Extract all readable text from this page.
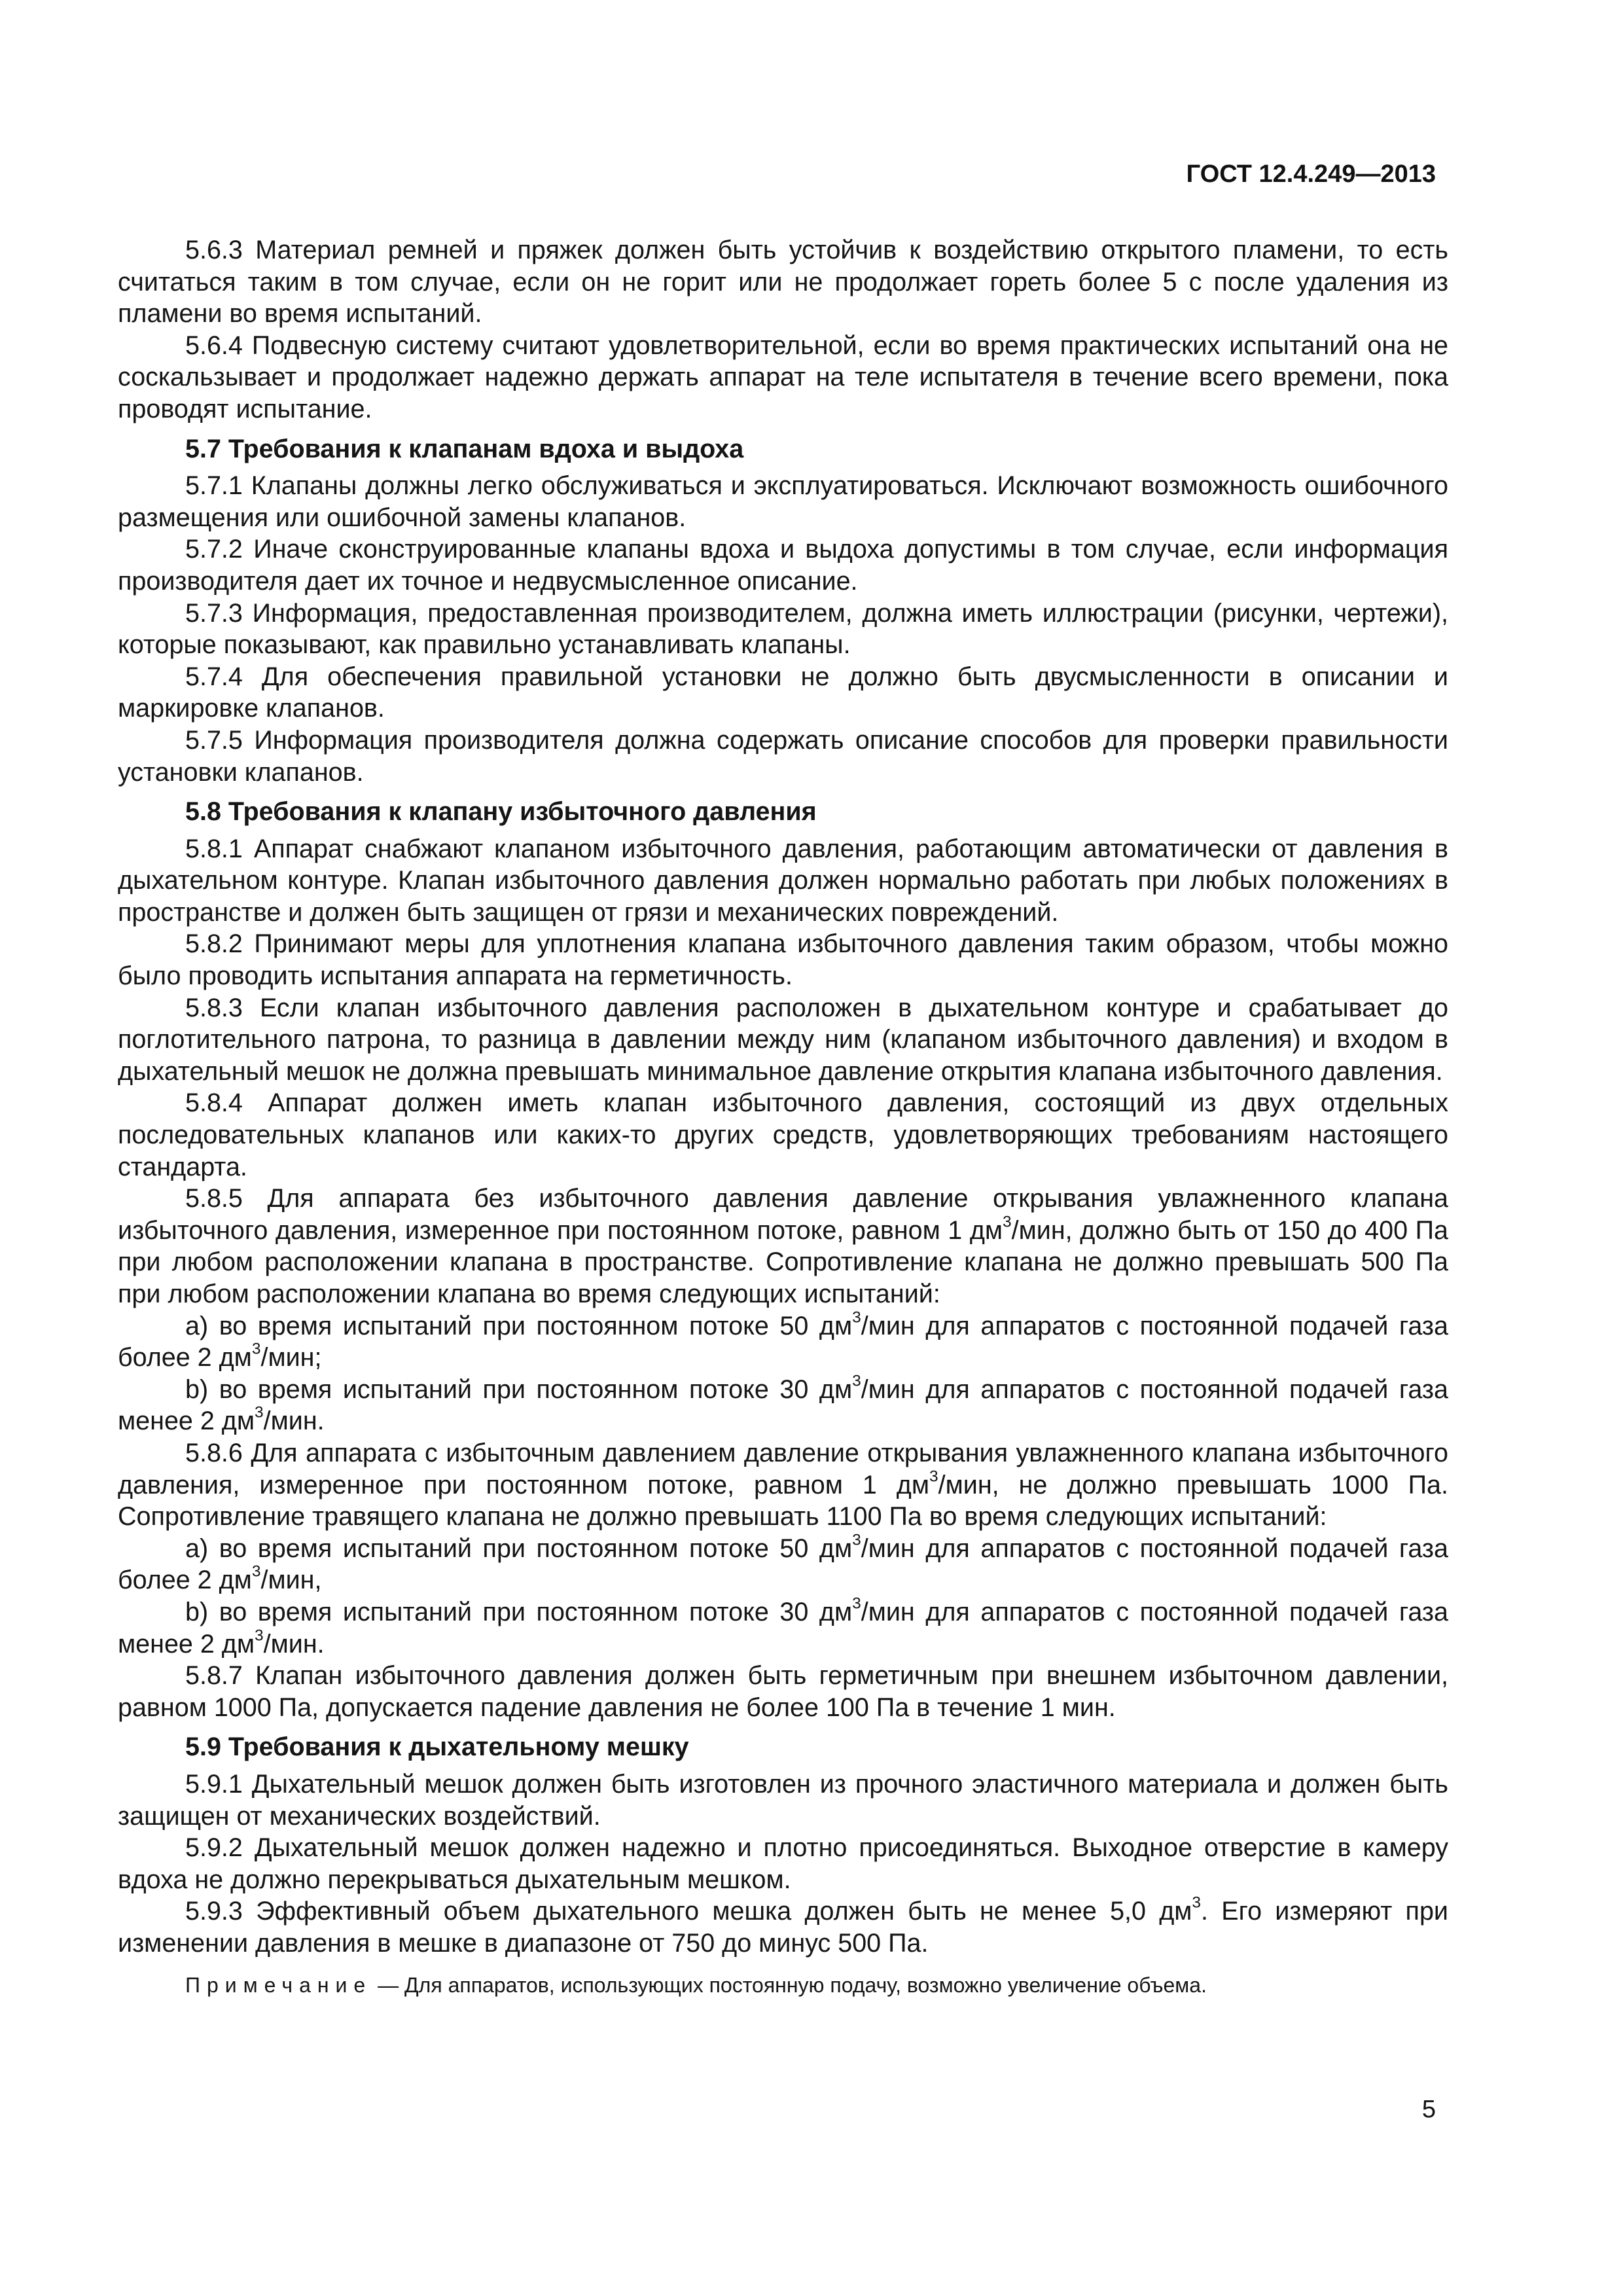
ГОСТ 12.4.249—2013

5.6.3 Материал ремней и пряжек должен быть устойчив к воздействию открытого пламени, то есть считаться таким в том случае, если он не горит или не продолжает гореть более 5 с после удаления из пламени во время испытаний.

5.6.4 Подвесную систему считают удовлетворительной, если во время практических испытаний она не соскальзывает и продолжает надежно держать аппарат на теле испытателя в течение всего времени, пока проводят испытание.

5.7 Требования к клапанам вдоха и выдоха

5.7.1 Клапаны должны легко обслуживаться и эксплуатироваться. Исключают возможность ошибочного размещения или ошибочной замены клапанов.

5.7.2 Иначе сконструированные клапаны вдоха и выдоха допустимы в том случае, если информация производителя дает их точное и недвусмысленное описание.

5.7.3 Информация, предоставленная производителем, должна иметь иллюстрации (рисунки, чертежи), которые показывают, как правильно устанавливать клапаны.

5.7.4 Для обеспечения правильной установки не должно быть двусмысленности в описании и маркировке клапанов.

5.7.5 Информация производителя должна содержать описание способов для проверки правильности установки клапанов.

5.8 Требования к клапану избыточного давления

5.8.1 Аппарат снабжают клапаном избыточного давления, работающим автоматически от давления в дыхательном контуре. Клапан избыточного давления должен нормально работать при любых положениях в пространстве и должен быть защищен от грязи и механических повреждений.

5.8.2 Принимают меры для уплотнения клапана избыточного давления таким образом, чтобы можно было проводить испытания аппарата на герметичность.

5.8.3 Если клапан избыточного давления расположен в дыхательном контуре и срабатывает до поглотительного патрона, то разница в давлении между ним (клапаном избыточного давления) и входом в дыхательный мешок не должна превышать минимальное давление открытия клапана избыточного давления.

5.8.4 Аппарат должен иметь клапан избыточного давления, состоящий из двух отдельных последовательных клапанов или каких-то других средств, удовлетворяющих требованиям настоящего стандарта.

5.8.5 Для аппарата без избыточного давления давление открывания увлажненного клапана избыточного давления, измеренное при постоянном потоке, равном 1 $дм^3$/мин, должно быть от 150 до 400 Па при любом расположении клапана в пространстве. Сопротивление клапана не должно превышать 500 Па при любом расположении клапана во время следующих испытаний:

a) во время испытаний при постоянном потоке 50 $дм^3$/мин для аппаратов с постоянной подачей газа более 2 $дм^3$/мин;

b) во время испытаний при постоянном потоке 30 $дм^3$/мин для аппаратов с постоянной подачей газа менее 2 $дм^3$/мин.

5.8.6 Для аппарата с избыточным давлением давление открывания увлажненного клапана избыточного давления, измеренное при постоянном потоке, равном 1 $дм^3$/мин, не должно превышать 1000 Па. Сопротивление травящего клапана не должно превышать 1100 Па во время следующих испытаний:

a) во время испытаний при постоянном потоке 50 $дм^3$/мин для аппаратов с постоянной подачей газа более 2 $дм^3$/мин,

b) во время испытаний при постоянном потоке 30 $дм^3$/мин для аппаратов с постоянной подачей газа менее 2 $дм^3$/мин.

5.8.7 Клапан избыточного давления должен быть герметичным при внешнем избыточном давлении, равном 1000 Па, допускается падение давления не более 100 Па в течение 1 мин.

5.9 Требования к дыхательному мешку

5.9.1 Дыхательный мешок должен быть изготовлен из прочного эластичного материала и должен быть защищен от механических воздействий.

5.9.2 Дыхательный мешок должен надежно и плотно присоединяться. Выходное отверстие в камеру вдоха не должно перекрываться дыхательным мешком.

5.9.3 Эффективный объем дыхательного мешка должен быть не менее 5,0 $дм^3$. Его измеряют при изменении давления в мешке в диапазоне от 750 до минус 500 Па.

Примечание — Для аппаратов, использующих постоянную подачу, возможно увеличение объема.

5
